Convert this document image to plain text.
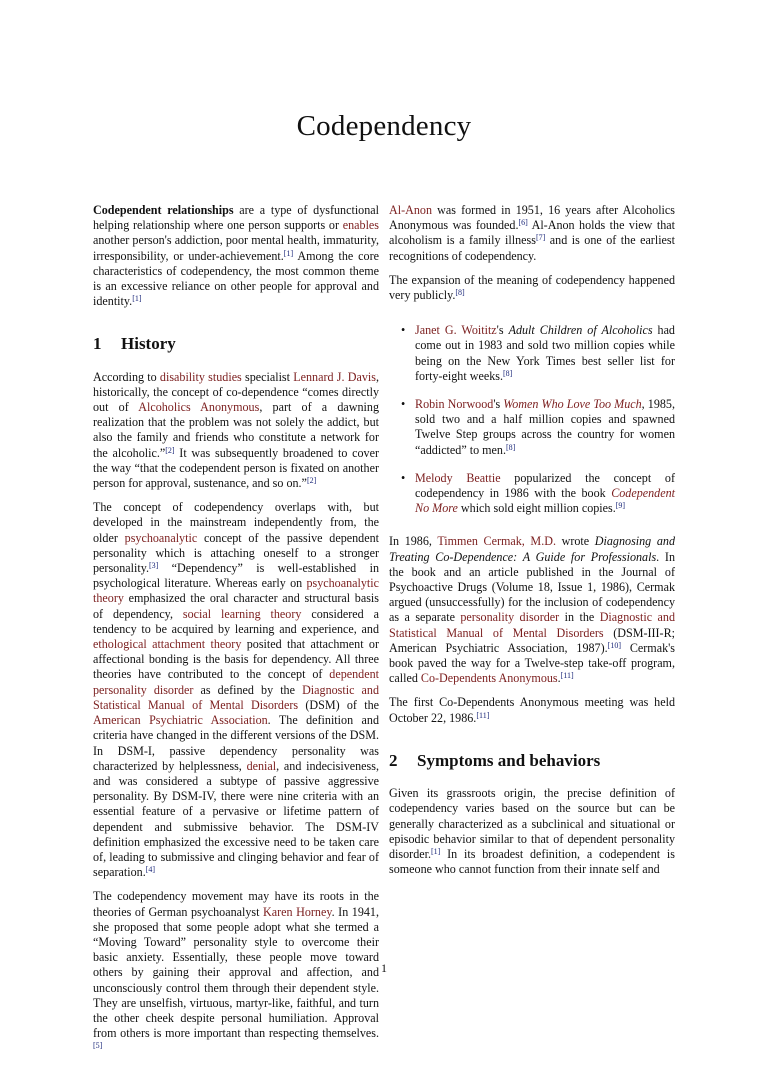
Codependency

Codependent relationships are a type of dysfunctional helping relationship where one person supports or enables another person's addiction, poor mental health, immaturity, irresponsibility, or under-achievement.[1] Among the core characteristics of codependency, the most common theme is an excessive reliance on other people for approval and identity.[1]

1 History

According to disability studies specialist Lennard J. Davis, historically, the concept of co-dependence “comes directly out of Alcoholics Anonymous, part of a dawning realization that the problem was not solely the addict, but also the family and friends who constitute a network for the alcoholic.”[2] It was subsequently broadened to cover the way “that the codependent person is fixated on another person for approval, sustenance, and so on.”[2]

The concept of codependency overlaps with, but developed in the mainstream independently from, the older psychoanalytic concept of the passive dependent personality which is attaching oneself to a stronger personality.[3] “Dependency” is well-established in psychological literature. Whereas early on psychoanalytic theory emphasized the oral character and structural basis of dependency, social learning theory considered a tendency to be acquired by learning and experience, and ethological attachment theory posited that attachment or affectional bonding is the basis for dependency. All three theories have contributed to the concept of dependent personality disorder as defined by the Diagnostic and Statistical Manual of Mental Disorders (DSM) of the American Psychiatric Association. The definition and criteria have changed in the different versions of the DSM. In DSM-I, passive dependency personality was characterized by helplessness, denial, and indecisiveness, and was considered a subtype of passive aggressive personality. By DSM-IV, there were nine criteria with an essential feature of a pervasive or lifetime pattern of dependent and submissive behavior. The DSM-IV definition emphasized the excessive need to be taken care of, leading to submissive and clinging behavior and fear of separation.[4]

The codependency movement may have its roots in the theories of German psychoanalyst Karen Horney. In 1941, she proposed that some people adopt what she termed a “Moving Toward” personality style to overcome their basic anxiety. Essentially, these people move toward others by gaining their approval and affection, and unconsciously control them through their dependent style. They are unselfish, virtuous, martyr-like, faithful, and turn the other cheek despite personal humiliation. Approval from others is more important than respecting themselves.[5]

Al-Anon was formed in 1951, 16 years after Alcoholics Anonymous was founded.[6] Al-Anon holds the view that alcoholism is a family illness[7] and is one of the earliest recognitions of codependency.

The expansion of the meaning of codependency happened very publicly.[8]

• Janet G. Woititz's Adult Children of Alcoholics had come out in 1983 and sold two million copies while being on the New York Times best seller list for forty-eight weeks.[8]
• Robin Norwood's Women Who Love Too Much, 1985, sold two and a half million copies and spawned Twelve Step groups across the country for women “addicted” to men.[8]
• Melody Beattie popularized the concept of codependency in 1986 with the book Codependent No More which sold eight million copies.[9]

In 1986, Timmen Cermak, M.D. wrote Diagnosing and Treating Co-Dependence: A Guide for Professionals. In the book and an article published in the Journal of Psychoactive Drugs (Volume 18, Issue 1, 1986), Cermak argued (unsuccessfully) for the inclusion of codependency as a separate personality disorder in the Diagnostic and Statistical Manual of Mental Disorders (DSM-III-R; American Psychiatric Association, 1987).[10] Cermak's book paved the way for a Twelve-step take-off program, called Co-Dependents Anonymous.[11]

The first Co-Dependents Anonymous meeting was held October 22, 1986.[11]

2 Symptoms and behaviors

Given its grassroots origin, the precise definition of codependency varies based on the source but can be generally characterized as a subclinical and situational or episodic behavior similar to that of dependent personality disorder.[1] In its broadest definition, a codependent is someone who cannot function from their innate self and

1
